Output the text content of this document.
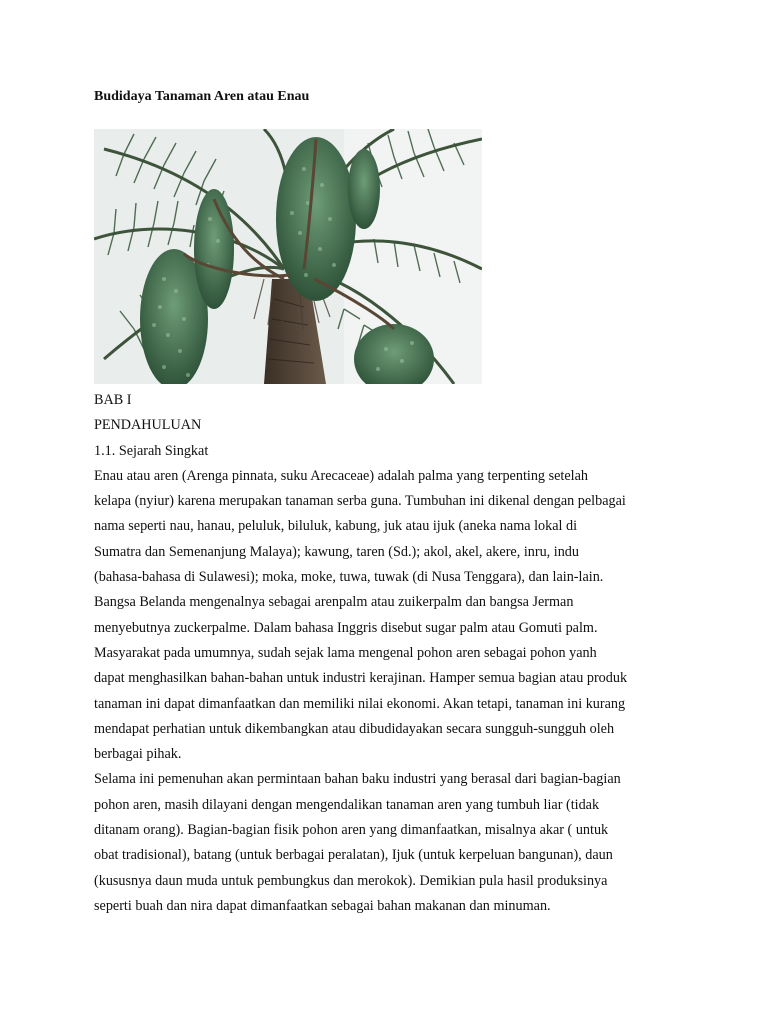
Budidaya Tanaman Aren atau Enau
BAB I
PENDAHULUAN
1.1. Sejarah Singkat
Enau atau aren (Arenga pinnata, suku Arecaceae) adalah palma yang terpenting setelah
kelapa (nyiur) karena merupakan tanaman serba guna. Tumbuhan ini dikenal dengan pelbagai
nama seperti nau, hanau, peluluk, biluluk, kabung, juk atau ijuk (aneka nama lokal di
Sumatra dan Semenanjung Malaya); kawung, taren (Sd.); akol, akel, akere, inru, indu
(bahasa-bahasa di Sulawesi); moka, moke, tuwa, tuwak (di Nusa Tenggara), dan lain-lain.
Bangsa Belanda mengenalnya sebagai arenpalm atau zuikerpalm dan bangsa Jerman
menyebutnya zuckerpalme. Dalam bahasa Inggris disebut sugar palm atau Gomuti palm.
Masyarakat pada umumnya, sudah sejak lama mengenal pohon aren sebagai pohon yanh
dapat menghasilkan bahan-bahan untuk industri kerajinan. Hamper semua bagian atau produk
tanaman ini dapat dimanfaatkan dan memiliki nilai ekonomi. Akan tetapi, tanaman ini kurang
mendapat perhatian untuk dikembangkan atau dibudidayakan secara sungguh-sungguh oleh
berbagai pihak.
Selama ini pemenuhan akan permintaan bahan baku industri yang berasal dari bagian-bagian
pohon aren, masih dilayani dengan mengendalikan tanaman aren yang tumbuh liar (tidak
ditanam orang). Bagian-bagian fisik pohon aren yang dimanfaatkan, misalnya akar ( untuk
obat tradisional), batang (untuk berbagai peralatan), Ijuk (untuk kerpeluan bangunan), daun
(kususnya daun muda untuk pembungkus dan merokok). Demikian pula hasil produksinya
seperti buah dan nira dapat dimanfaatkan sebagai bahan makanan dan minuman.
